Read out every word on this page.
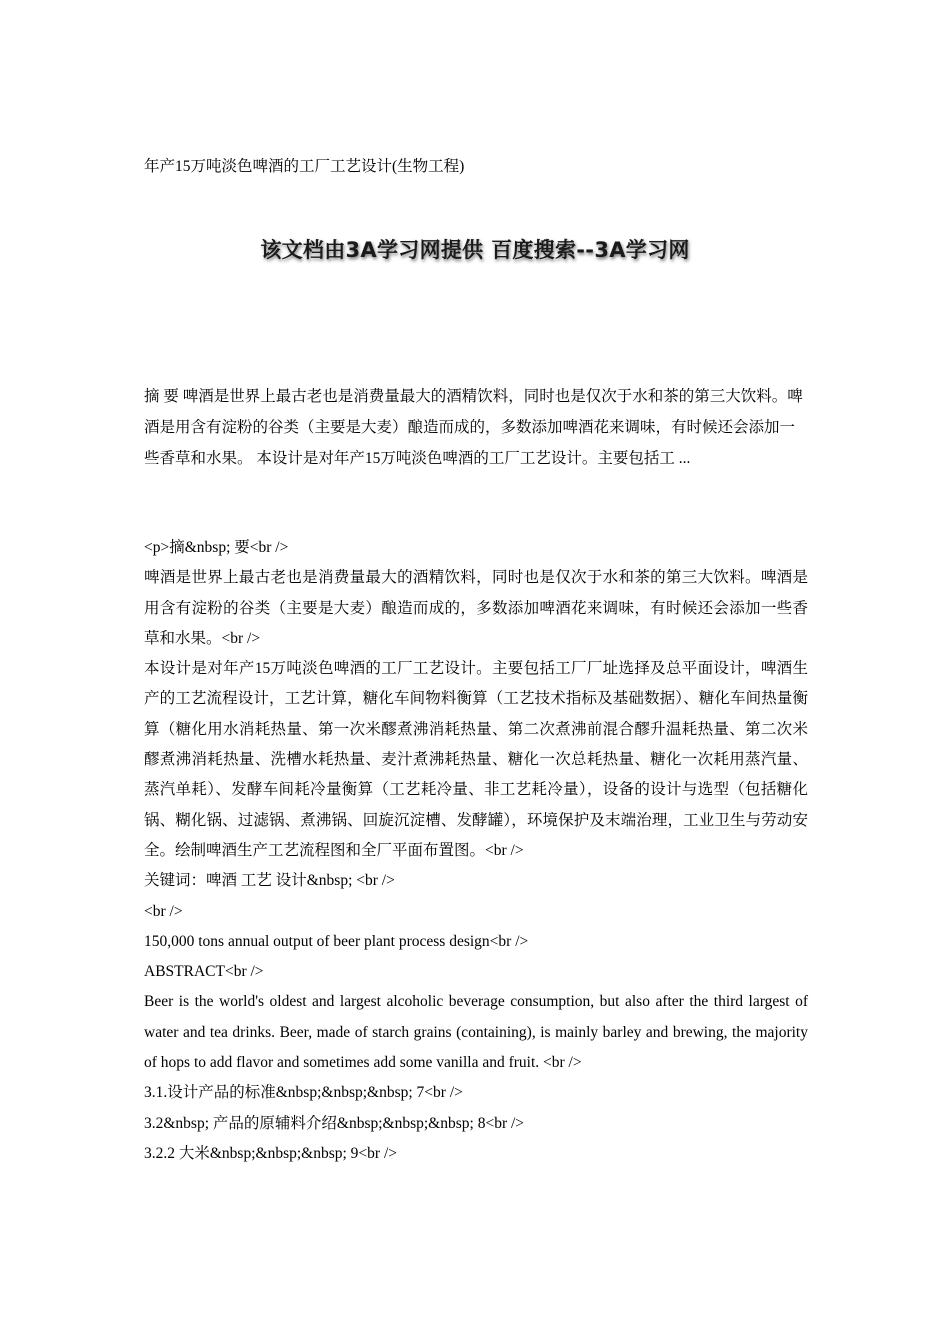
年产15万吨淡色啤酒的工厂工艺设计(生物工程)
该文档由3A学习网提供 百度搜索--3A学习网
摘 要 啤酒是世界上最古老也是消费量最大的酒精饮料，同时也是仅次于水和茶的第三大饮料。啤酒是用含有淀粉的谷类（主要是大麦）酿造而成的，多数添加啤酒花来调味，有时候还会添加一些香草和水果。 本设计是对年产15万吨淡色啤酒的工厂工艺设计。主要包括工 ...
<p>摘&nbsp; 要<br />
啤酒是世界上最古老也是消费量最大的酒精饮料，同时也是仅次于水和茶的第三大饮料。啤酒是用含有淀粉的谷类（主要是大麦）酿造而成的，多数添加啤酒花来调味，有时候还会添加一些香草和水果。<br />
本设计是对年产15万吨淡色啤酒的工厂工艺设计。主要包括工厂厂址选择及总平面设计，啤酒生产的工艺流程设计，工艺计算，糖化车间物料衡算（工艺技术指标及基础数据）、糖化车间热量衡算（糖化用水消耗热量、第一次米醪煮沸消耗热量、第二次煮沸前混合醪升温耗热量、第二次米醪煮沸消耗热量、洗槽水耗热量、麦汁煮沸耗热量、糖化一次总耗热量、糖化一次耗用蒸汽量、蒸汽单耗）、发酵车间耗冷量衡算（工艺耗冷量、非工艺耗冷量），设备的设计与选型（包括糖化锅、糊化锅、过滤锅、煮沸锅、回旋沉淀槽、发酵罐），环境保护及末端治理，工业卫生与劳动安全。绘制啤酒生产工艺流程图和全厂平面布置图。<br />
关键词：啤酒 工艺 设计&nbsp; <br />
<br />
150,000 tons annual output of beer plant process design<br />
ABSTRACT<br />
Beer is the world's oldest and largest alcoholic beverage consumption, but also after the third largest of water and tea drinks. Beer, made of starch grains (containing), is mainly barley and brewing, the majority of hops to add flavor and sometimes add some vanilla and fruit. <br />
3.1.设计产品的标准&nbsp;&nbsp;&nbsp; 7<br />
3.2&nbsp; 产品的原辅料介绍&nbsp;&nbsp;&nbsp; 8<br />
3.2.2 大米&nbsp;&nbsp;&nbsp; 9<br />
